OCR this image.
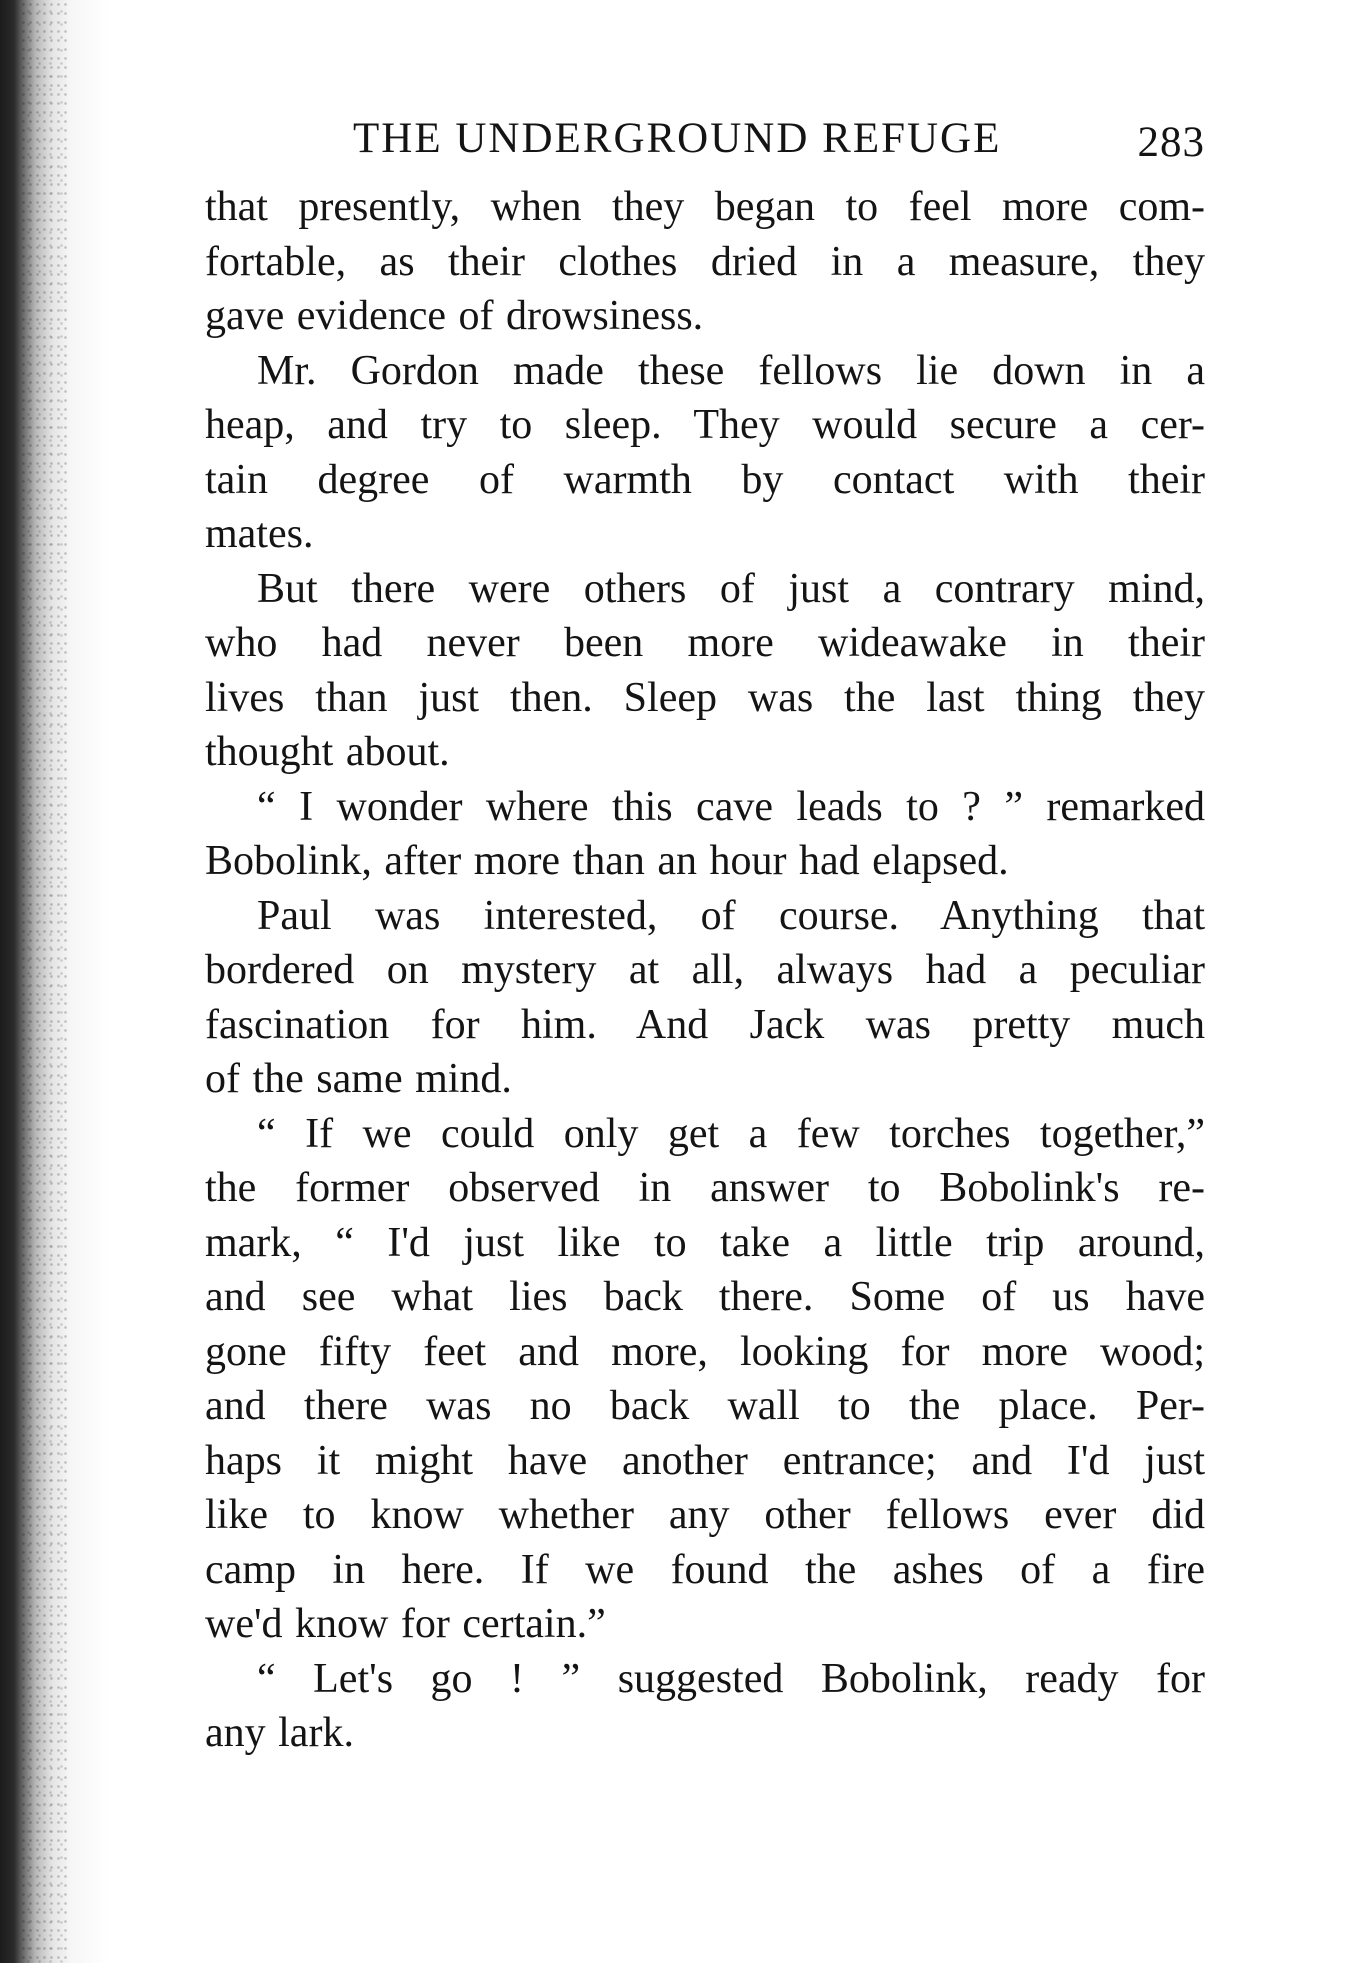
THE UNDERGROUND REFUGE	283
that presently, when they began to feel more com-
fortable, as their clothes dried in a measure, they
gave evidence of drowsiness.
Mr. Gordon made these fellows lie down in a
heap, and try to sleep. They would secure a cer-
tain degree of warmth by contact with their
mates.
But there were others of just a contrary mind,
who had never been more wideawake in their
lives than just then. Sleep was the last thing they
thought about.
“ I wonder where this cave leads to ? ” remarked
Bobolink, after more than an hour had elapsed.
Paul was interested, of course. Anything that
bordered on mystery at all, always had a peculiar
fascination for him. And Jack was pretty much
of the same mind.
“ If we could only get a few torches together,”
the former observed in answer to Bobolink's re-
mark, “ I'd just like to take a little trip around,
and see what lies back there. Some of us have
gone fifty feet and more, looking for more wood;
and there was no back wall to the place. Per-
haps it might have another entrance; and I'd just
like to know whether any other fellows ever did
camp in here. If we found the ashes of a fire
we'd know for certain.”
“ Let's go ! ” suggested Bobolink, ready for
any lark.
